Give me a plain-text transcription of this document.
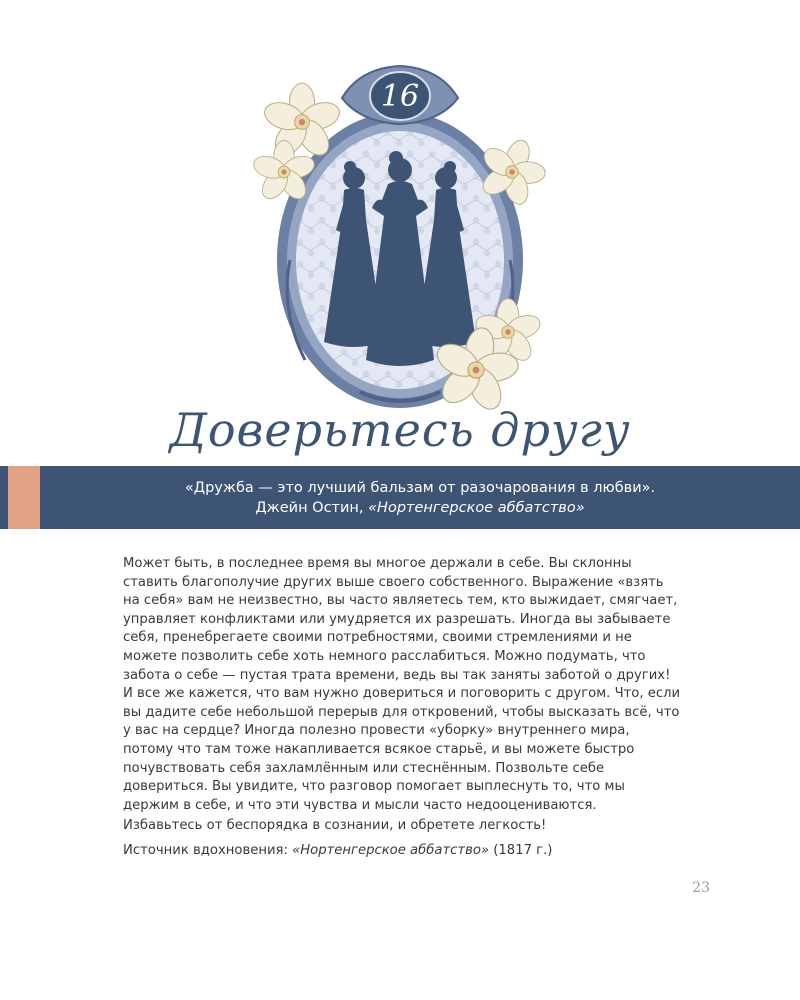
16
Доверьтесь другу
«Дружба — это лучший бальзам от разочарования в любви».
Джейн Остин, «Нортенгерское аббатство»

Может быть, в последнее время вы многое держали в себе. Вы склонны ставить благополучие других выше своего собственного. Выражение «взять на себя» вам не неизвестно, вы часто являетесь тем, кто выжидает, смягчает, управляет конфликтами или умудряется их разрешать. Иногда вы забываете себя, пренебрегаете своими потребностями, своими стремлениями и не можете позволить себе хоть немного расслабиться. Можно подумать, что забота о себе — пустая трата времени, ведь вы так заняты заботой о других! И все же кажется, что вам нужно довериться и поговорить с другом. Что, если вы дадите себе небольшой перерыв для откровений, чтобы высказать всё, что у вас на сердце? Иногда полезно провести «уборку» внутреннего мира, потому что там тоже накапливается всякое старьё, и вы можете быстро почувствовать себя захламлённым или стеснённым. Позвольте себе довериться. Вы увидите, что разговор помогает выплеснуть то, что мы держим в себе, и что эти чувства и мысли часто недооцениваются.

Избавьтесь от беспорядка в сознании, и обретете легкость!

Источник вдохновения: «Нортенгерское аббатство» (1817 г.)

23
